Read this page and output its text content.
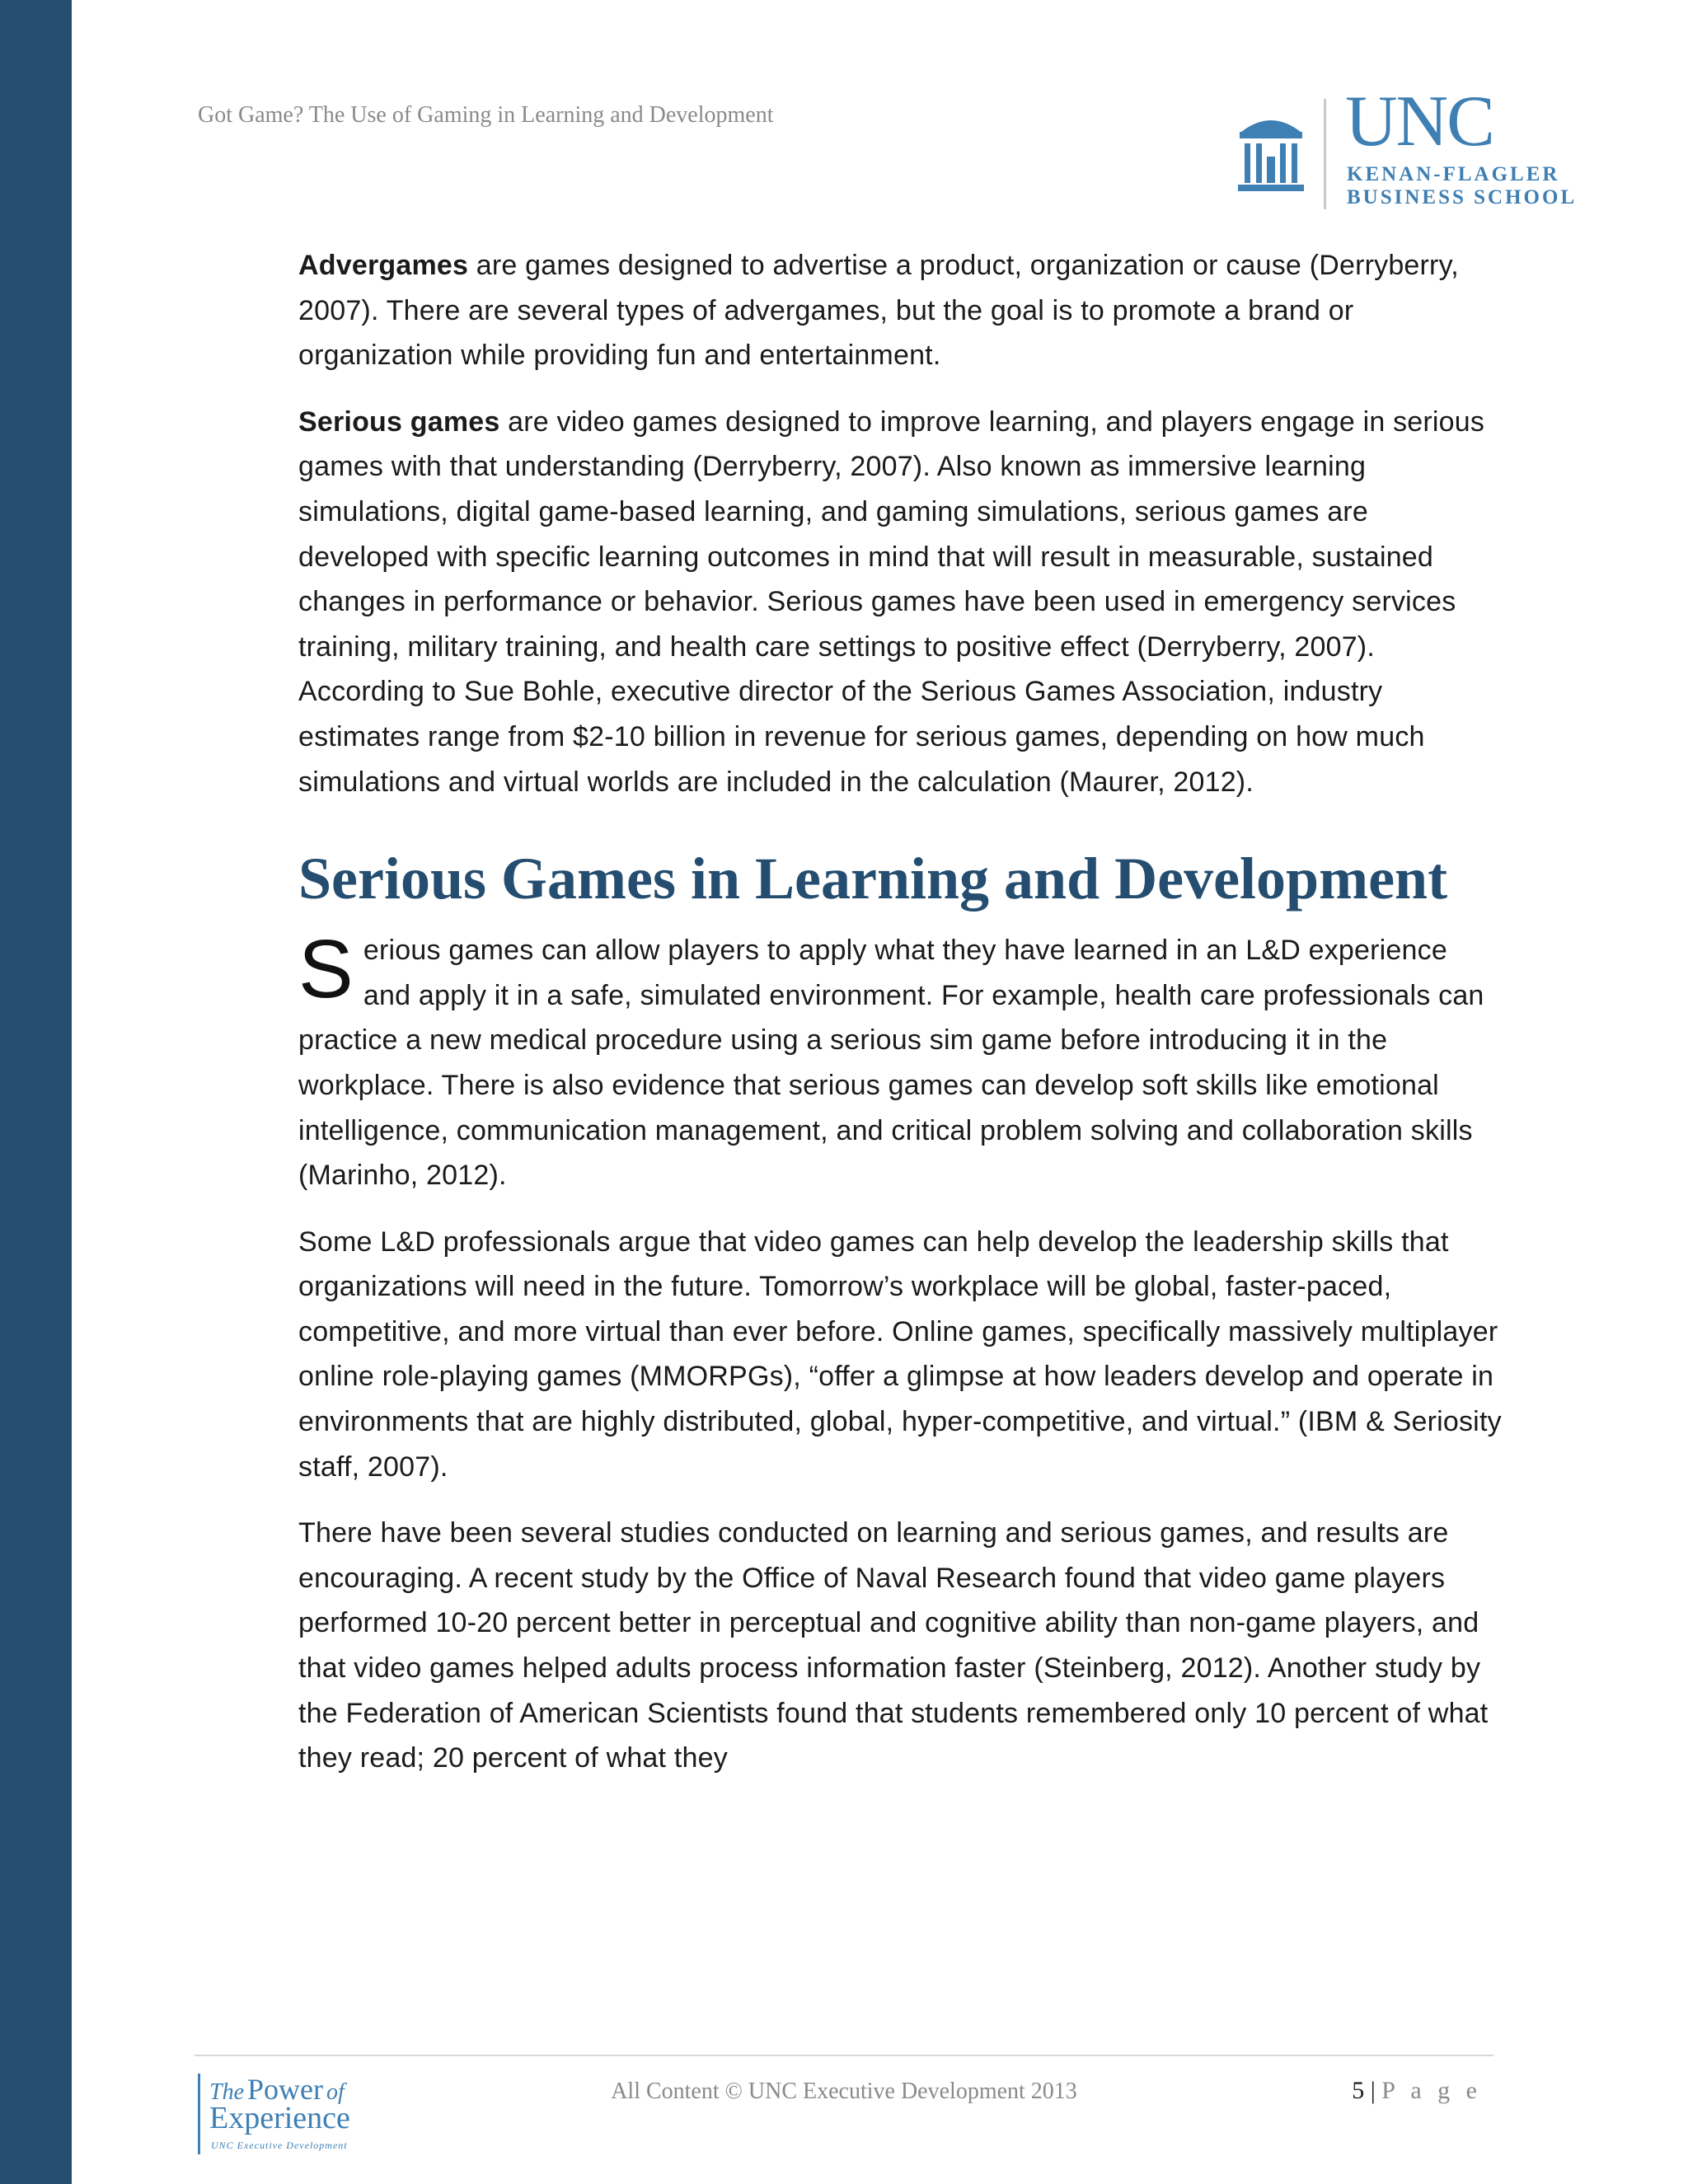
Got Game? The Use of Gaming in Learning and Development	UNC
KENAN-FLAGLER
BUSINESS SCHOOL

Advergames are games designed to advertise a product, organization or cause (Derryberry, 2007). There are several types of advergames, but the goal is to promote a brand or organization while providing fun and entertainment.

Serious games are video games designed to improve learning, and players engage in serious games with that understanding (Derryberry, 2007). Also known as immersive learning simulations, digital game-based learning, and gaming simulations, serious games are developed with specific learning outcomes in mind that will result in measurable, sustained changes in performance or behavior. Serious games have been used in emergency services training, military training, and health care settings to positive effect (Derryberry, 2007). According to Sue Bohle, executive director of the Serious Games Association, industry estimates range from $2-10 billion in revenue for serious games, depending on how much simulations and virtual worlds are included in the calculation (Maurer, 2012).

Serious Games in Learning and Development

Serious games can allow players to apply what they have learned in an L&D experience and apply it in a safe, simulated environment. For example, health care professionals can practice a new medical procedure using a serious sim game before introducing it in the workplace. There is also evidence that serious games can develop soft skills like emotional intelligence, communication management, and critical problem solving and collaboration skills (Marinho, 2012).

Some L&D professionals argue that video games can help develop the leadership skills that organizations will need in the future. Tomorrow’s workplace will be global, faster-paced, competitive, and more virtual than ever before. Online games, specifically massively multiplayer online role-playing games (MMORPGs), “offer a glimpse at how leaders develop and operate in environments that are highly distributed, global, hyper-competitive, and virtual.” (IBM & Seriosity staff, 2007).

There have been several studies conducted on learning and serious games, and results are encouraging. A recent study by the Office of Naval Research found that video game players performed 10-20 percent better in perceptual and cognitive ability than non-game players, and that video games helped adults process information faster (Steinberg, 2012). Another study by the Federation of American Scientists found that students remembered only 10 percent of what they read; 20 percent of what they

The Power of
Experience
UNC Executive Development
All Content © UNC Executive Development 2013	5 | P a g e
